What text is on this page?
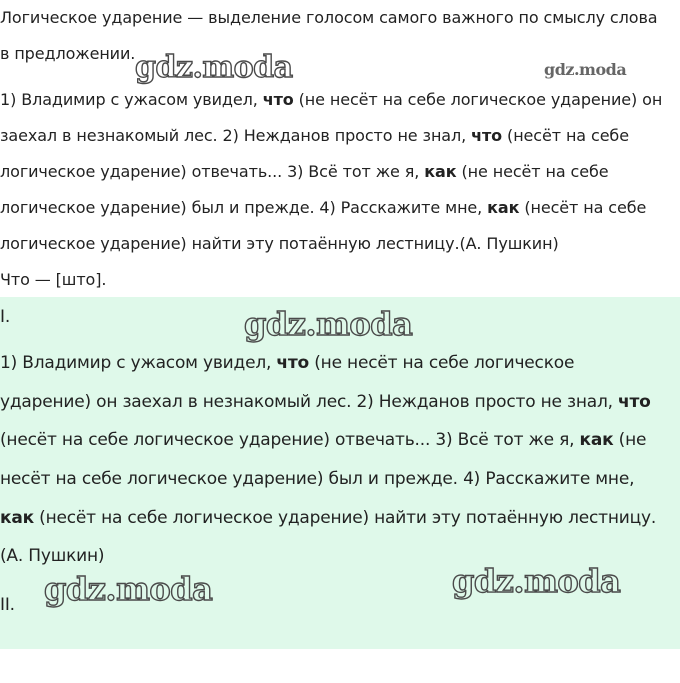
Логическое ударение — выделение голосом самого важного по смыслу слова
в предложении.
1) Владимир с ужасом увидел, что (не несёт на себе логическое ударение) он
заехал в незнакомый лес. 2) Нежданов просто не знал, что (несёт на себе
логическое ударение) отвечать... 3) Всё тот же я, как (не несёт на себе
логическое ударение) был и прежде. 4) Расскажите мне, как (несёт на себе
логическое ударение) найти эту потаённую лестницу.(А. Пушкин)
Что — [што].
I.
1) Владимир с ужасом увидел, что (не несёт на себе логическое
ударение) он заехал в незнакомый лес. 2) Нежданов просто не знал, что
(несёт на себе логическое ударение) отвечать... 3) Всё тот же я, как (не
несёт на себе логическое ударение) был и прежде. 4) Расскажите мне,
как (несёт на себе логическое ударение) найти эту потаённую лестницу.
(А. Пушкин)
II.
gdz.moda	gdz.moda
gdz.moda
gdz.moda	gdz.moda
